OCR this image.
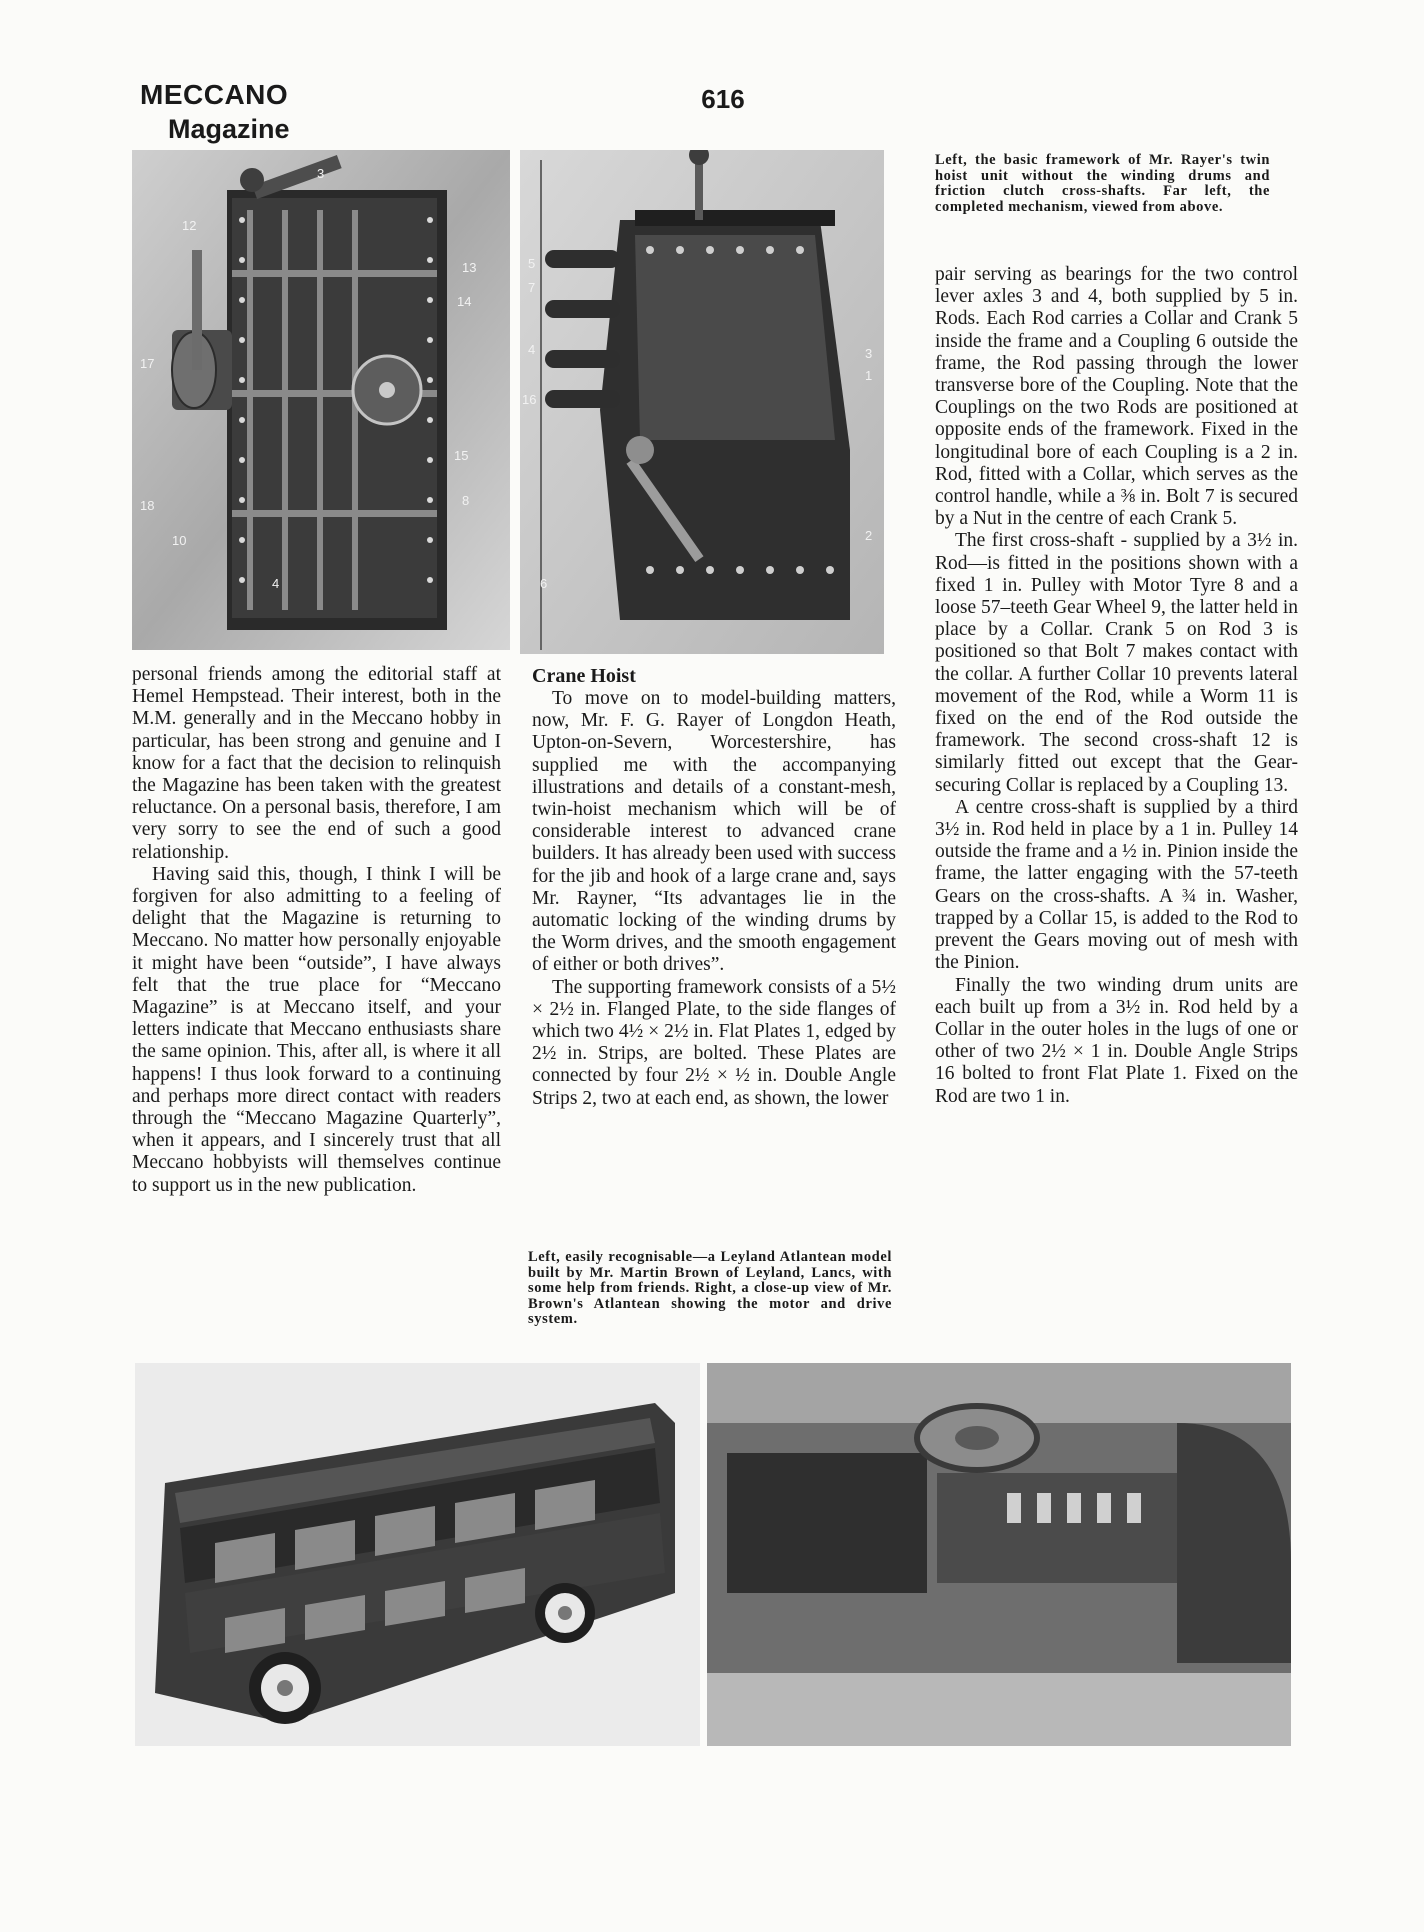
MECCANO
Magazine
616
3
12
13
14
17
15
8
18
10
4
5
7
4
16
3
1
2
6

Left, the basic framework of Mr. Rayer's twin hoist unit without the winding drums and friction clutch cross-shafts. Far left, the completed mechanism, viewed from above.

personal friends among the editorial staff at Hemel Hempstead. Their interest, both in the M.M. generally and in the Meccano hobby in particular, has been strong and genuine and I know for a fact that the decision to relinquish the Magazine has been taken with the greatest reluctance. On a personal basis, therefore, I am very sorry to see the end of such a good relationship.

Having said this, though, I think I will be forgiven for also admitting to a feeling of delight that the Magazine is returning to Meccano. No matter how personally enjoyable it might have been “outside”, I have always felt that the true place for “Meccano Magazine” is at Meccano itself, and your letters indicate that Meccano enthusiasts share the same opinion. This, after all, is where it all happens! I thus look forward to a continuing and perhaps more direct contact with readers through the “Meccano Magazine Quarterly”, when it appears, and I sincerely trust that all Meccano hobbyists will themselves continue to support us in the new publication.

Crane Hoist

To move on to model-building matters, now, Mr. F. G. Rayer of Longdon Heath, Upton-on-Severn, Worcestershire, has supplied me with the accompanying illustrations and details of a constant-mesh, twin-hoist mechanism which will be of considerable interest to advanced crane builders. It has already been used with success for the jib and hook of a large crane and, says Mr. Rayner, “Its advantages lie in the automatic locking of the winding drums by the Worm drives, and the smooth engagement of either or both drives”.

The supporting framework consists of a 5½ × 2½ in. Flanged Plate, to the side flanges of which two 4½ × 2½ in. Flat Plates 1, edged by 2½ in. Strips, are bolted. These Plates are connected by four 2½ × ½ in. Double Angle Strips 2, two at each end, as shown, the lower

Left, easily recognisable—a Leyland Atlantean model built by Mr. Martin Brown of Leyland, Lancs, with some help from friends. Right, a close-up view of Mr. Brown's Atlantean showing the motor and drive system.

pair serving as bearings for the two control lever axles 3 and 4, both supplied by 5 in. Rods. Each Rod carries a Collar and Crank 5 inside the frame and a Coupling 6 outside the frame, the Rod passing through the lower transverse bore of the Coupling. Note that the Couplings on the two Rods are positioned at opposite ends of the framework. Fixed in the longitudinal bore of each Coupling is a 2 in. Rod, fitted with a Collar, which serves as the control handle, while a ⅜ in. Bolt 7 is secured by a Nut in the centre of each Crank 5.

The first cross-shaft - supplied by a 3½ in. Rod—is fitted in the positions shown with a fixed 1 in. Pulley with Motor Tyre 8 and a loose 57–teeth Gear Wheel 9, the latter held in place by a Collar. Crank 5 on Rod 3 is positioned so that Bolt 7 makes contact with the collar. A further Collar 10 prevents lateral movement of the Rod, while a Worm 11 is fixed on the end of the Rod outside the framework. The second cross-shaft 12 is similarly fitted out except that the Gear-securing Collar is replaced by a Coupling 13.

A centre cross-shaft is supplied by a third 3½ in. Rod held in place by a 1 in. Pulley 14 outside the frame and a ½ in. Pinion inside the frame, the latter engaging with the 57-teeth Gears on the cross-shafts. A ¾ in. Washer, trapped by a Collar 15, is added to the Rod to prevent the Gears moving out of mesh with the Pinion.

Finally the two winding drum units are each built up from a 3½ in. Rod held by a Collar in the outer holes in the lugs of one or other of two 2½ × 1 in. Double Angle Strips 16 bolted to front Flat Plate 1. Fixed on the Rod are two 1 in.
